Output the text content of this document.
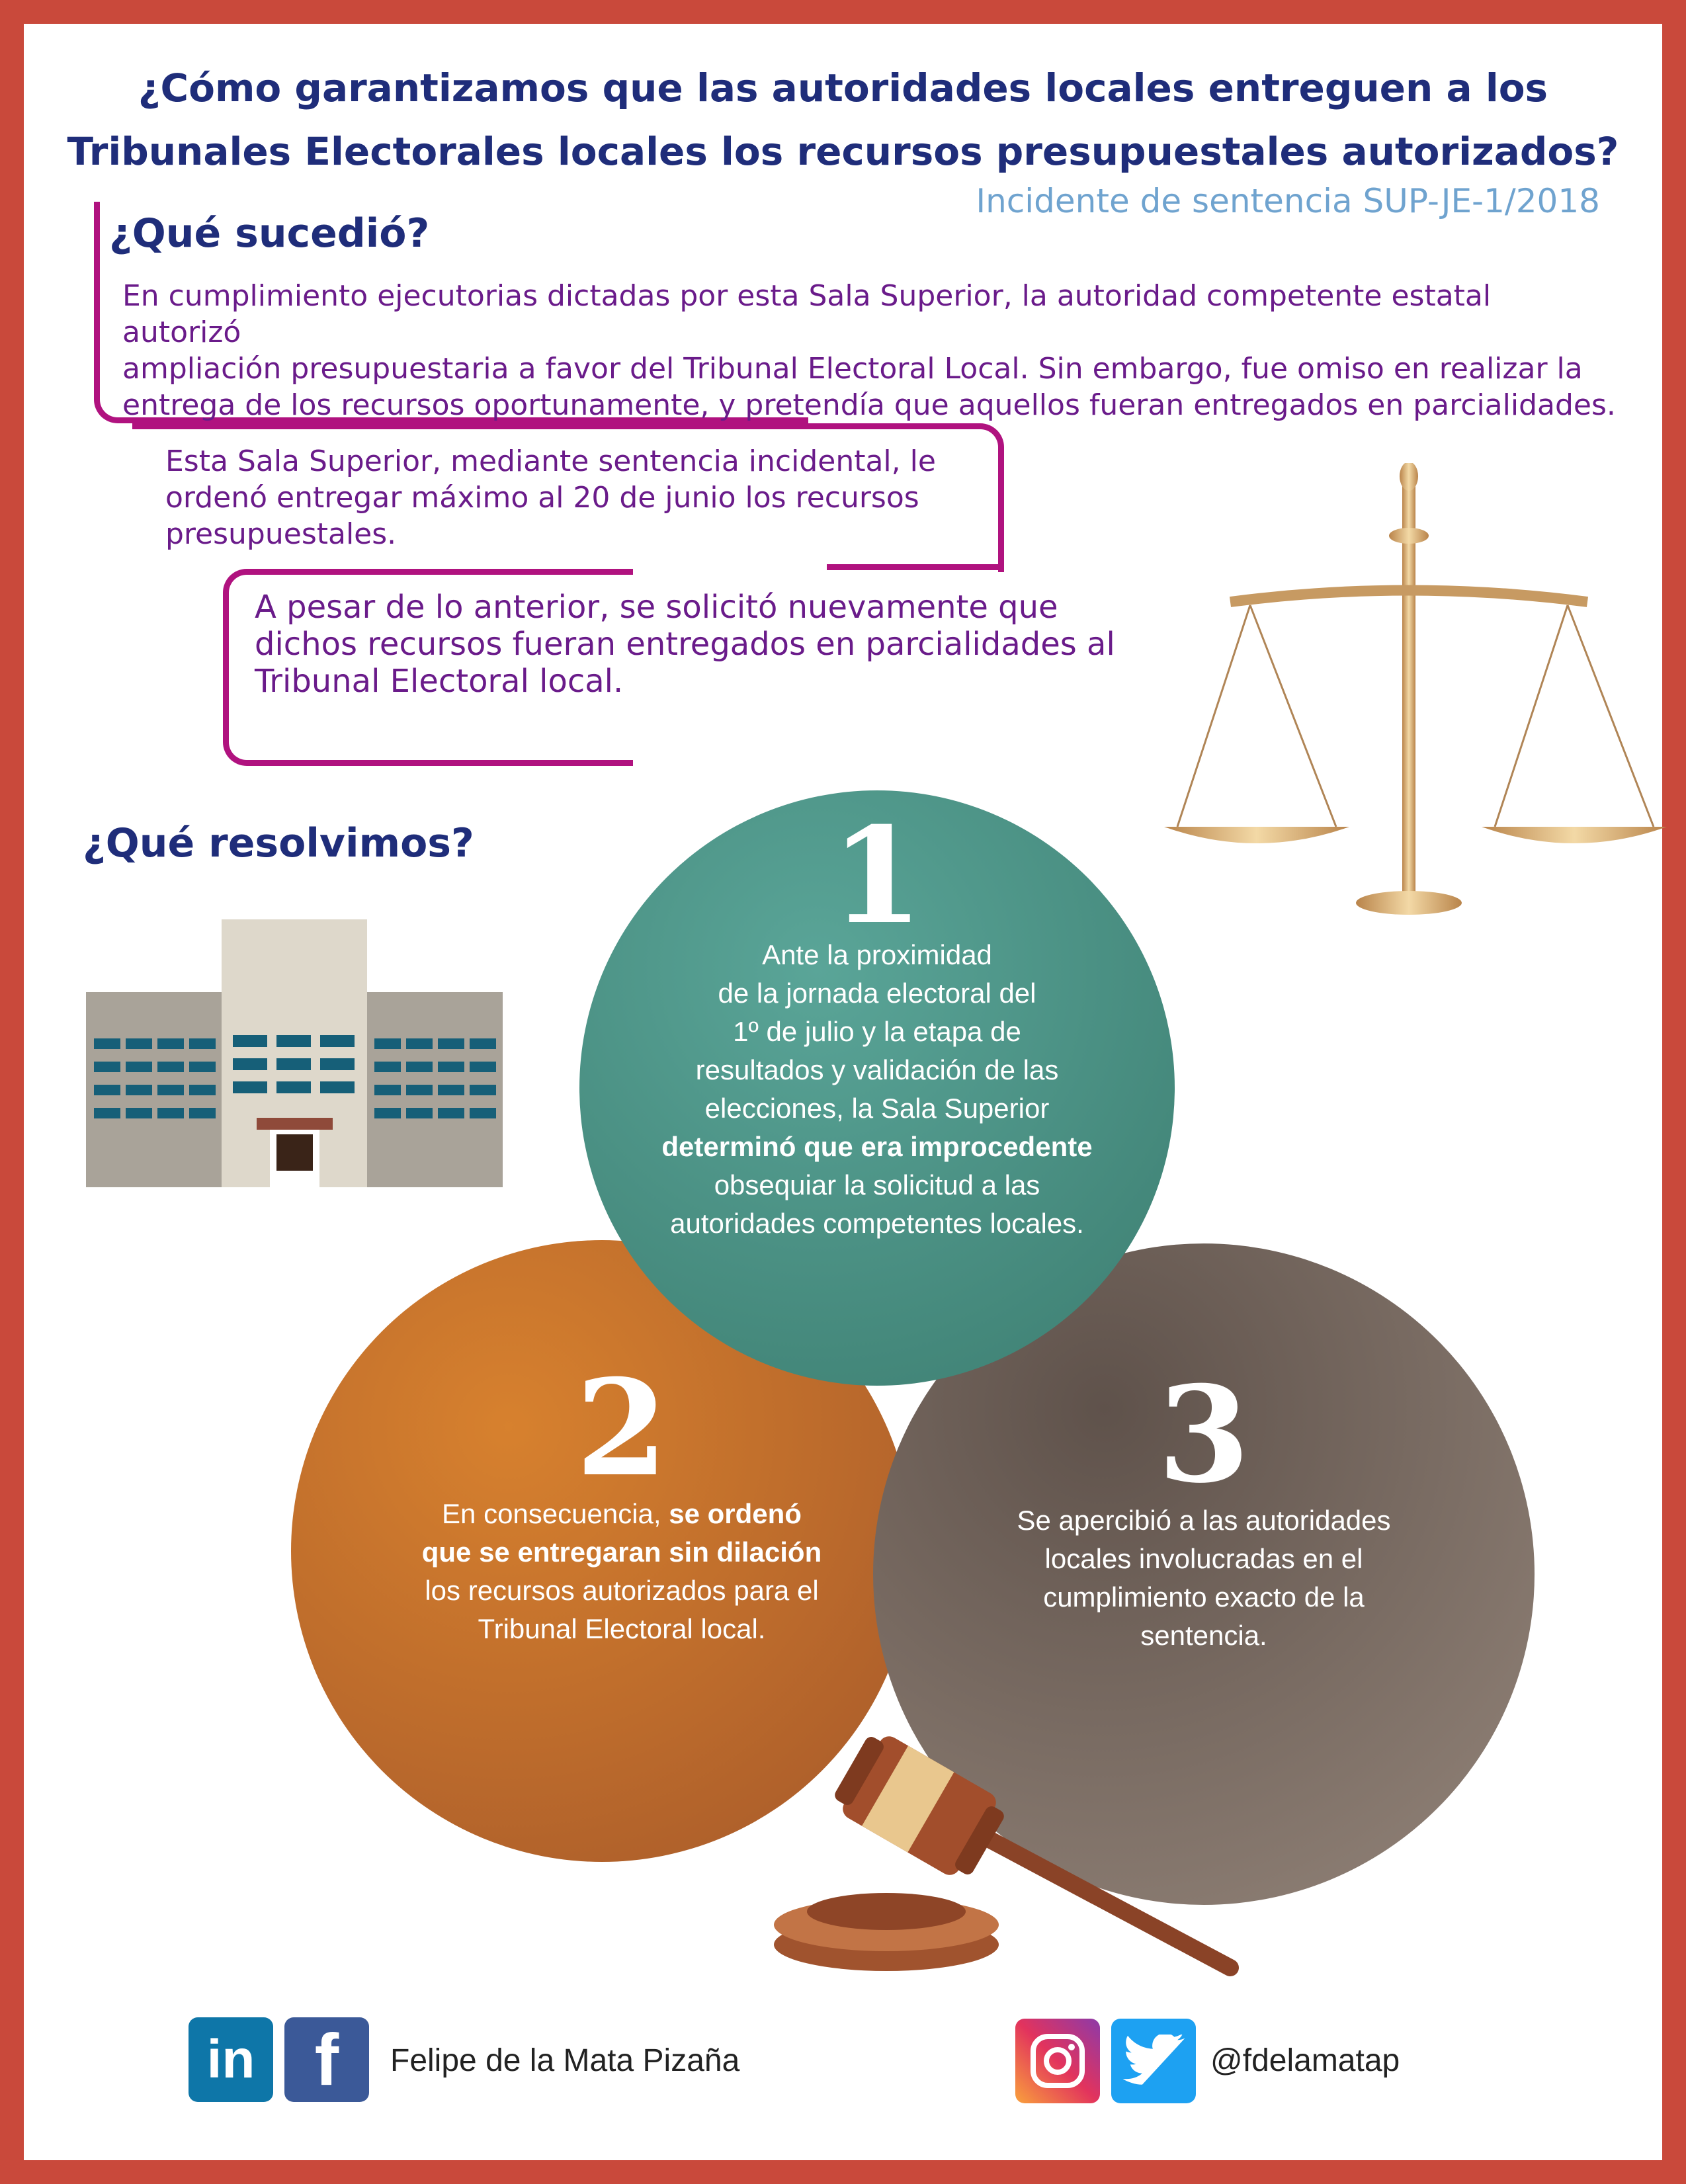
¿Cómo garantizamos que las autoridades locales entreguen a los
Tribunales Electorales locales los recursos presupuestales autorizados?
Incidente de sentencia SUP-JE-1/2018
¿Qué sucedió?
En cumplimiento ejecutorias dictadas por esta Sala Superior, la autoridad competente estatal autorizó
ampliación presupuestaria a favor del Tribunal Electoral Local. Sin embargo, fue omiso en realizar la
entrega de los recursos oportunamente, y pretendía que aquellos fueran entregados en parcialidades.
Esta Sala Superior, mediante sentencia incidental, le
ordenó entregar máximo al 20 de junio los recursos
presupuestales.
A pesar de lo anterior, se solicitó nuevamente que
dichos recursos fueran entregados en parcialidades al
Tribunal Electoral local.
¿Qué resolvimos?	1
Ante la proximidad
de la jornada electoral del
1º de julio y la etapa de
resultados y validación de las
elecciones, la Sala Superior
determinó que era improcedente
obsequiar la solicitud a las
autoridades competentes locales.
2
En consecuencia, se ordenó
que se entregaran sin dilación
los recursos autorizados para el
Tribunal Electoral local.
3
Se apercibió a las autoridades
locales involucradas en el
cumplimiento exacto de la
sentencia.
in f	Felipe de la Mata Pizaña	@fdelamatap
